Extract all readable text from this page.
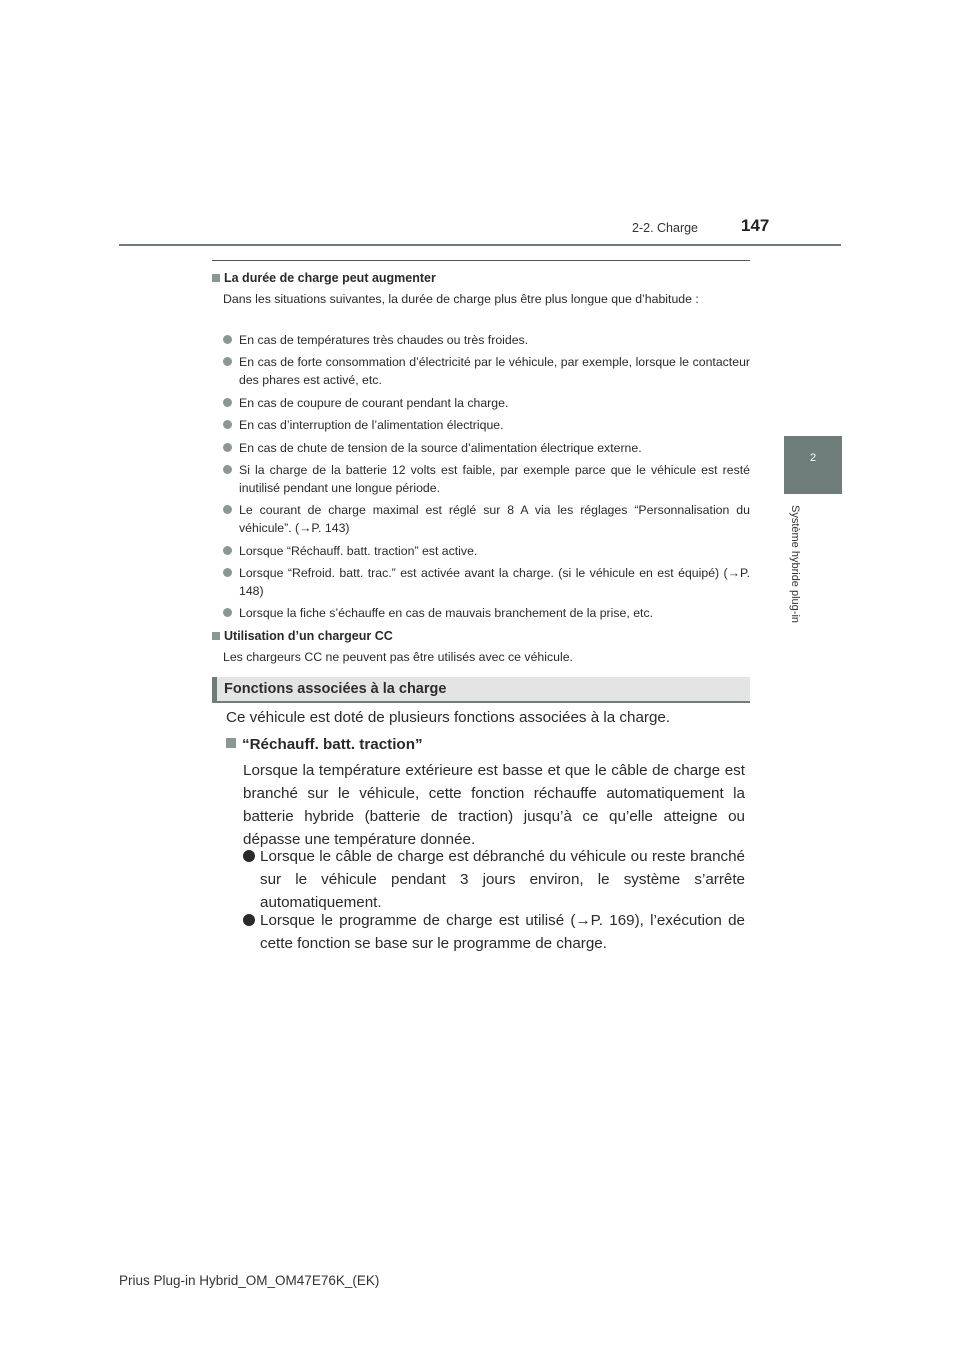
2-2. Charge	147
2
Système hybride plug-in
La durée de charge peut augmenter
Dans les situations suivantes, la durée de charge plus être plus longue que d’habitude :
En cas de températures très chaudes ou très froides.
En cas de forte consommation d’électricité par le véhicule, par exemple, lorsque le contacteur des phares est activé, etc.
En cas de coupure de courant pendant la charge.
En cas d’interruption de l’alimentation électrique.
En cas de chute de tension de la source d’alimentation électrique externe.
Si la charge de la batterie 12 volts est faible, par exemple parce que le véhicule est resté inutilisé pendant une longue période.
Le courant de charge maximal est réglé sur 8 A via les réglages “Personnalisation du véhicule”. (→P. 143)
Lorsque “Réchauff. batt. traction” est active.
Lorsque “Refroid. batt. trac.” est activée avant la charge. (si le véhicule en est équipé) (→P. 148)
Lorsque la fiche s’échauffe en cas de mauvais branchement de la prise, etc.
Utilisation d’un chargeur CC
Les chargeurs CC ne peuvent pas être utilisés avec ce véhicule.
Fonctions associées à la charge
Ce véhicule est doté de plusieurs fonctions associées à la charge.
“Réchauff. batt. traction”
Lorsque la température extérieure est basse et que le câble de charge est branché sur le véhicule, cette fonction réchauffe automatiquement la batterie hybride (batterie de traction) jusqu’à ce qu’elle atteigne ou dépasse une température donnée.
Lorsque le câble de charge est débranché du véhicule ou reste branché sur le véhicule pendant 3 jours environ, le système s’arrête automatiquement.
Lorsque le programme de charge est utilisé (→P. 169), l’exécution de cette fonction se base sur le programme de charge.
Prius Plug-in Hybrid_OM_OM47E76K_(EK)
